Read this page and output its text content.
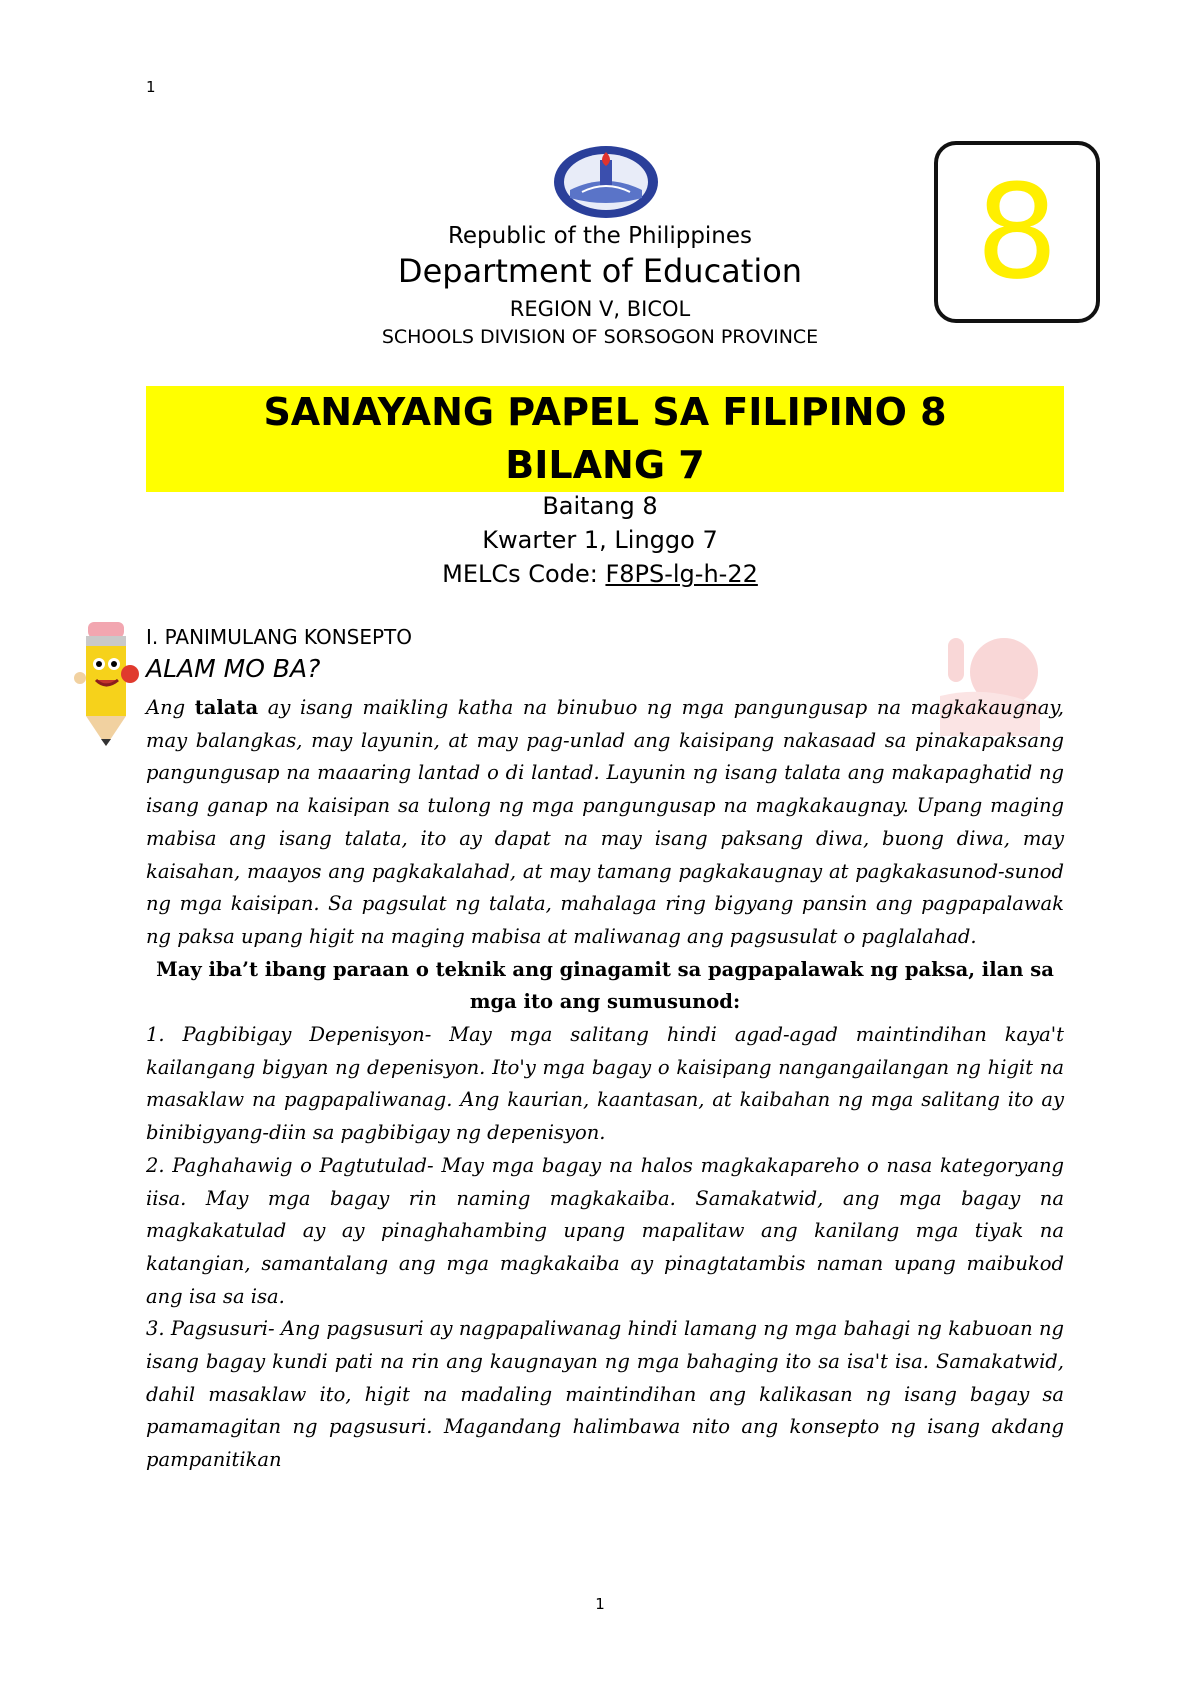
1
8
Republic of the Philippines
Department of Education
REGION V, BICOL
SCHOOLS DIVISION OF SORSOGON PROVINCE
SANAYANG PAPEL SA FILIPINO 8
BILANG 7
Baitang 8
Kwarter 1, Linggo 7
MELCs Code: F8PS-lg-h-22
I. PANIMULANG KONSEPTO
ALAM MO BA?

Ang talata ay isang maikling katha na binubuo ng mga pangungusap na magkakaugnay, may balangkas, may layunin, at may pag-unlad ang kaisipang nakasaad sa pinakapaksang pangungusap na maaaring lantad o di lantad. Layunin ng isang talata ang makapaghatid ng isang ganap na kaisipan sa tulong ng mga pangungusap na magkakaugnay. Upang maging mabisa ang isang talata, ito ay dapat na may isang paksang diwa, buong diwa, may kaisahan, maayos ang pagkakalahad, at may tamang pagkakaugnay at pagkakasunod-sunod ng mga kaisipan. Sa pagsulat ng talata, mahalaga ring bigyang pansin ang pagpapalawak ng paksa upang higit na maging mabisa at maliwanag ang pagsusulat o paglalahad.

May iba’t ibang paraan o teknik ang ginagamit sa pagpapalawak ng paksa, ilan sa mga ito ang sumusunod:

1. Pagbibigay Depenisyon- May mga salitang hindi agad-agad maintindihan kaya't kailangang bigyan ng depenisyon. Ito'y mga bagay o kaisipang nangangailangan ng higit na masaklaw na pagpapaliwanag. Ang kaurian, kaantasan, at kaibahan ng mga salitang ito ay binibigyang-diin sa pagbibigay ng depenisyon.

2. Paghahawig o Pagtutulad- May mga bagay na halos magkakapareho o nasa kategoryang iisa. May mga bagay rin naming magkakaiba. Samakatwid, ang mga bagay na magkakatulad ay ay pinaghahambing upang mapalitaw ang kanilang mga tiyak na katangian, samantalang ang mga magkakaiba ay pinagtatambis naman upang maibukod ang isa sa isa.

3. Pagsusuri- Ang pagsusuri ay nagpapaliwanag hindi lamang ng mga bahagi ng kabuoan ng isang bagay kundi pati na rin ang kaugnayan ng mga bahaging ito sa isa't isa. Samakatwid, dahil masaklaw ito, higit na madaling maintindihan ang kalikasan ng isang bagay sa pamamagitan ng pagsusuri. Magandang halimbawa nito ang konsepto ng isang akdang pampanitikan

1
